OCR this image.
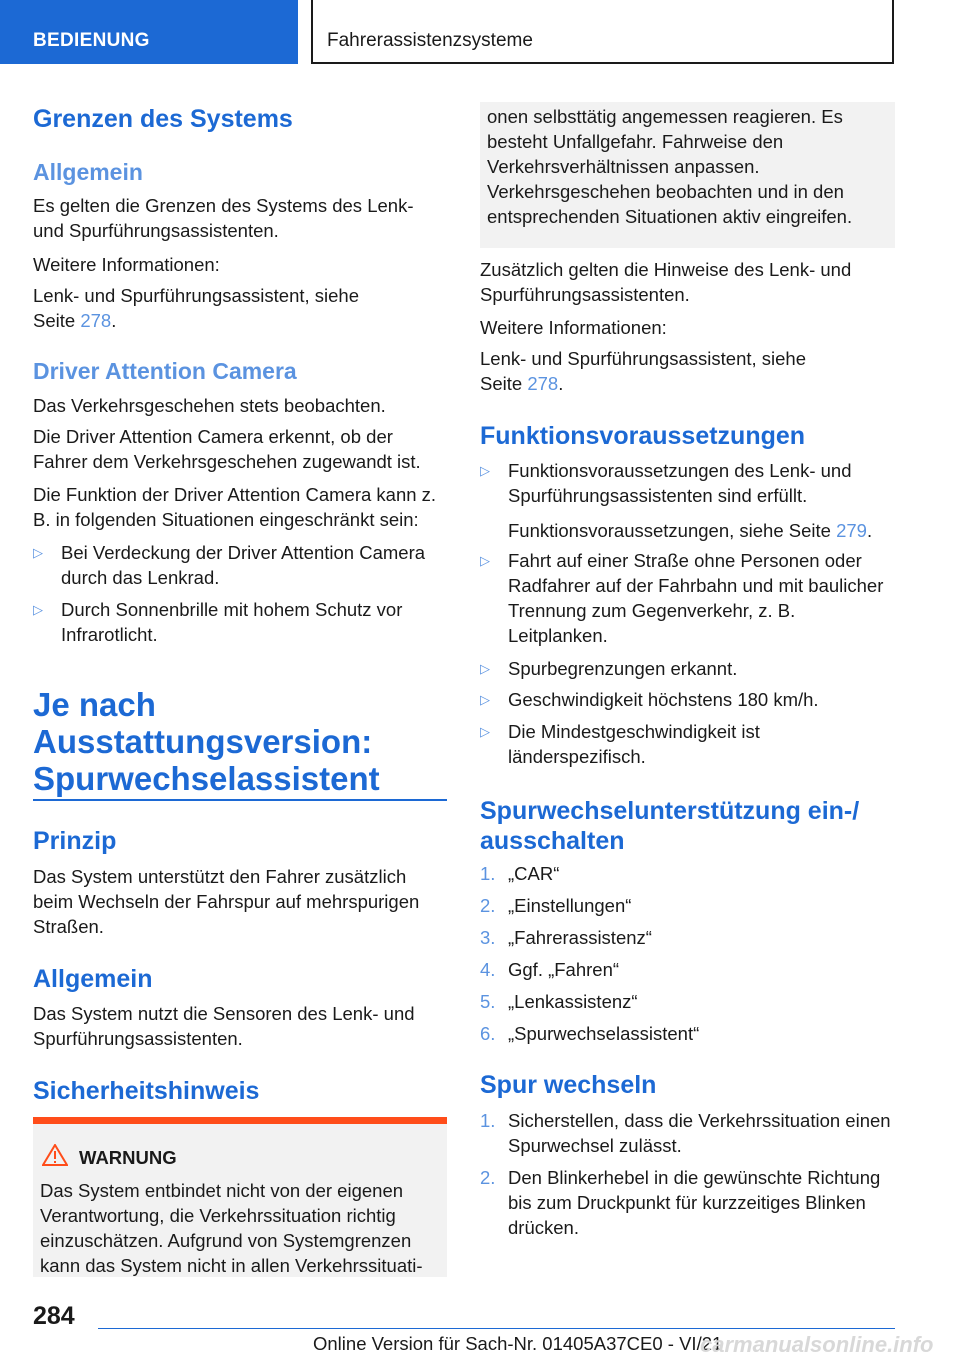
BEDIENUNG	Fahrerassistenzsysteme
Grenzen des Systems
Allgemein
Es gelten die Grenzen des Systems des Lenk- und Spurführungsassistenten.
Weitere Informationen:
Lenk- und Spurführungsassistent, siehe
Seite 278.
Driver Attention Camera
Das Verkehrsgeschehen stets beobachten.
Die Driver Attention Camera erkennt, ob der Fahrer dem Verkehrsgeschehen zugewandt ist.
Die Funktion der Driver Attention Camera kann z. B. in folgenden Situationen eingeschränkt sein:
▷ Bei Verdeckung der Driver Attention Camera durch das Lenkrad.
▷ Durch Sonnenbrille mit hohem Schutz vor Infrarotlicht.
Je nach
Ausstattungsversion:
Spurwechselassistent
Prinzip
Das System unterstützt den Fahrer zusätzlich beim Wechseln der Fahrspur auf mehrspurigen Straßen.
Allgemein
Das System nutzt die Sensoren des Lenk- und Spurführungsassistenten.
Sicherheitshinweis
WARNUNG
Das System entbindet nicht von der eigenen Verantwortung, die Verkehrssituation richtig einzuschätzen. Aufgrund von Systemgrenzen kann das System nicht in allen Verkehrssituati-
onen selbsttätig angemessen reagieren. Es besteht Unfallgefahr. Fahrweise den Verkehrsverhältnissen anpassen. Verkehrsgeschehen beobachten und in den entsprechenden Situationen aktiv eingreifen.
Zusätzlich gelten die Hinweise des Lenk- und Spurführungsassistenten.
Weitere Informationen:
Lenk- und Spurführungsassistent, siehe
Seite 278.
Funktionsvoraussetzungen
▷ Funktionsvoraussetzungen des Lenk- und Spurführungsassistenten sind erfüllt.
Funktionsvoraussetzungen, siehe Seite 279.
▷ Fahrt auf einer Straße ohne Personen oder Radfahrer auf der Fahrbahn und mit baulicher Trennung zum Gegenverkehr, z. B. Leitplanken.
▷ Spurbegrenzungen erkannt.
▷ Geschwindigkeit höchstens 180 km/h.
▷ Die Mindestgeschwindigkeit ist länderspezifisch.
Spurwechselunterstützung ein-/
ausschalten
1. „CAR“
2. „Einstellungen“
3. „Fahrerassistenz“
4. Ggf. „Fahren“
5. „Lenkassistenz“
6. „Spurwechselassistent“
Spur wechseln
1. Sicherstellen, dass die Verkehrssituation einen Spurwechsel zulässt.
2. Den Blinkerhebel in die gewünschte Richtung bis zum Druckpunkt für kurzzeitiges Blinken drücken.
284
Online Version für Sach-Nr. 01405A37CE0 - VI/21
carmanualsonline.info
